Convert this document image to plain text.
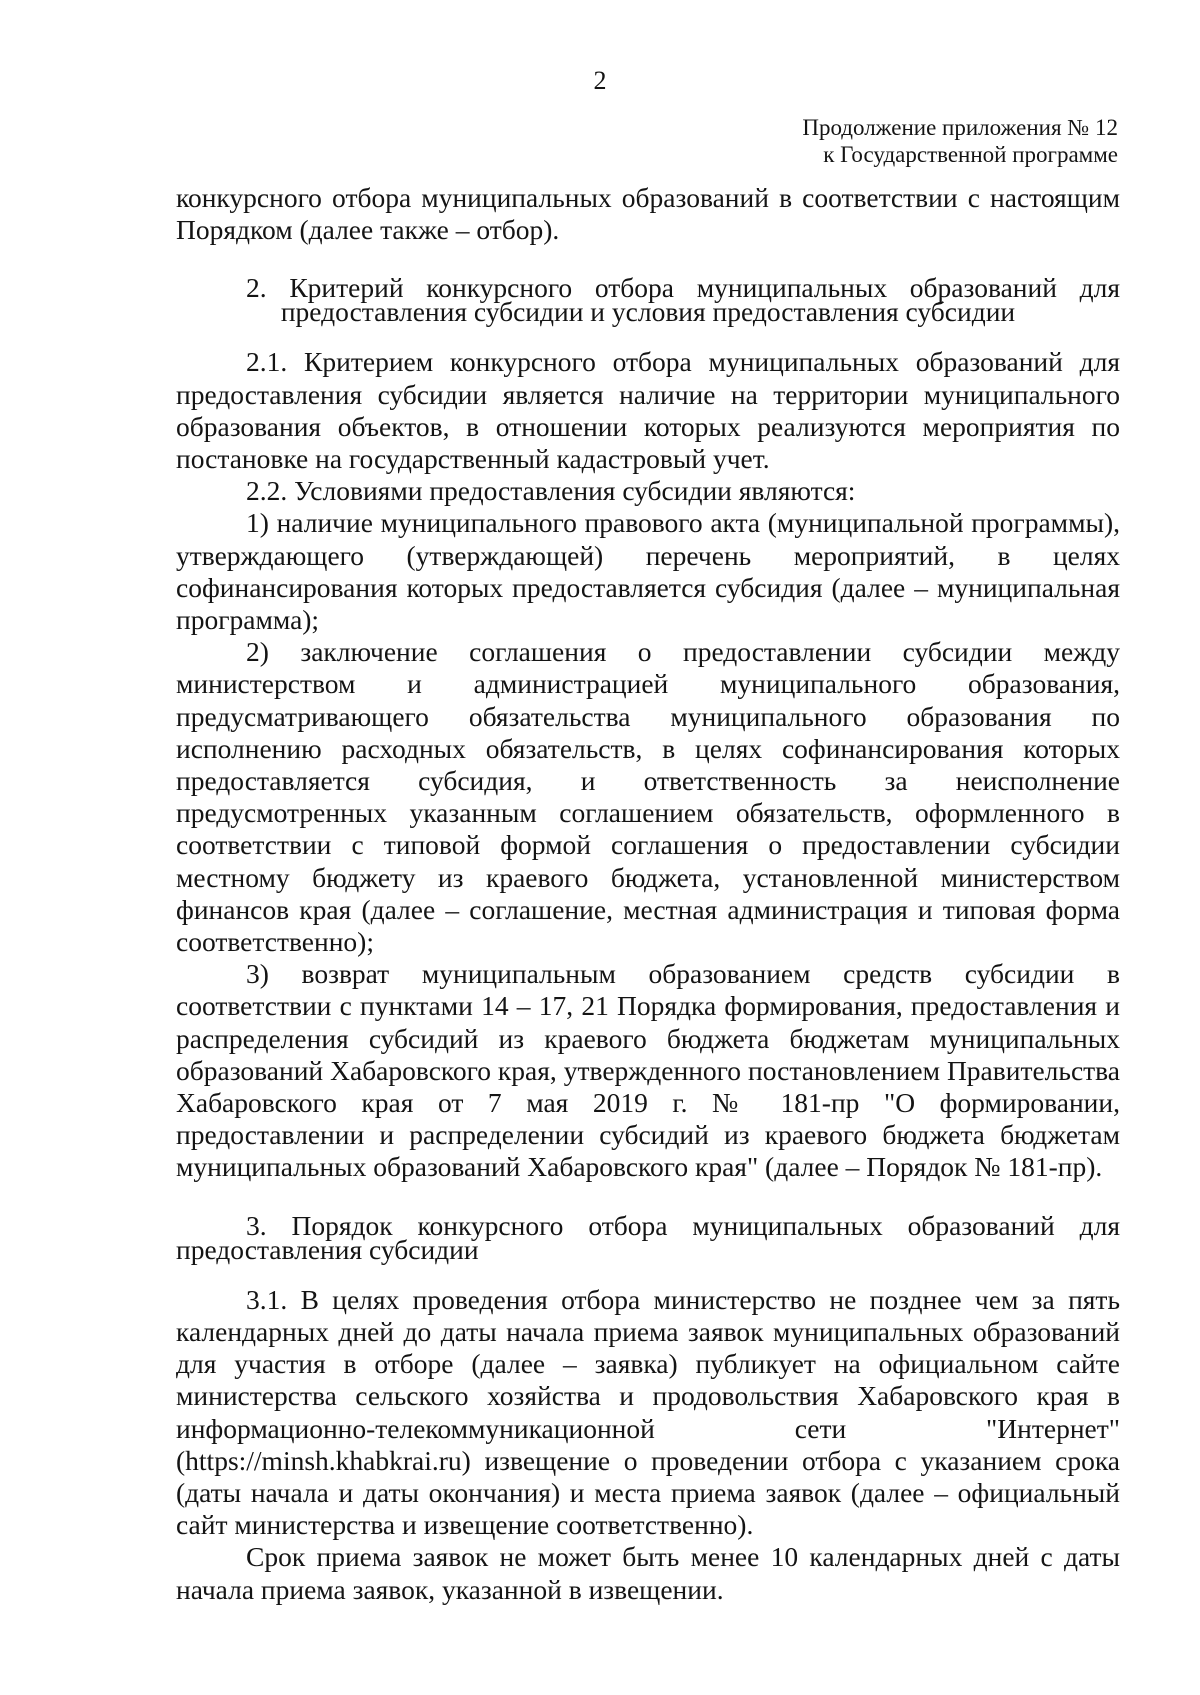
2
Продолжение приложения № 12
к Государственной программе

конкурсного отбора муниципальных образований в соответствии с настоящим Порядком (далее также – отбор).

2. Критерий конкурсного отбора муниципальных образований для предоставления субсидии и условия предоставления субсидии

2.1. Критерием конкурсного отбора муниципальных образований для предоставления субсидии является наличие на территории муниципального образования объектов, в отношении которых реализуются мероприятия по постановке на государственный кадастровый учет.

2.2. Условиями предоставления субсидии являются:

1) наличие муниципального правового акта (муниципальной программы), утверждающего (утверждающей) перечень мероприятий, в целях софинансирования которых предоставляется субсидия (далее – муниципальная программа);

2) заключение соглашения о предоставлении субсидии между министерством и администрацией муниципального образования, предусматривающего обязательства муниципального образования по исполнению расходных обязательств, в целях софинансирования которых предоставляется субсидия, и ответственность за неисполнение предусмотренных указанным соглашением обязательств, оформленного в соответствии с типовой формой соглашения о предоставлении субсидии местному бюджету из краевого бюджета, установленной министерством финансов края (далее – соглашение, местная администрация и типовая форма соответственно);

3) возврат муниципальным образованием средств субсидии в соответствии с пунктами 14 – 17, 21 Порядка формирования, предоставления и распределения субсидий из краевого бюджета бюджетам муниципальных образований Хабаровского края, утвержденного постановлением Правительства Хабаровского края от 7 мая 2019 г. № 181-пр "О формировании, предоставлении и распределении субсидий из краевого бюджета бюджетам муниципальных образований Хабаровского края" (далее – Порядок № 181-пр).

3. Порядок конкурсного отбора муниципальных образований для предоставления субсидии

3.1. В целях проведения отбора министерство не позднее чем за пять календарных дней до даты начала приема заявок муниципальных образований для участия в отборе (далее – заявка) публикует на официальном сайте министерства сельского хозяйства и продовольствия Хабаровского края в информационно-телекоммуникационной сети "Интернет" (https://minsh.khabkrai.ru) извещение о проведении отбора с указанием срока (даты начала и даты окончания) и места приема заявок (далее – официальный сайт министерства и извещение соответственно).

Срок приема заявок не может быть менее 10 календарных дней с даты начала приема заявок, указанной в извещении.
